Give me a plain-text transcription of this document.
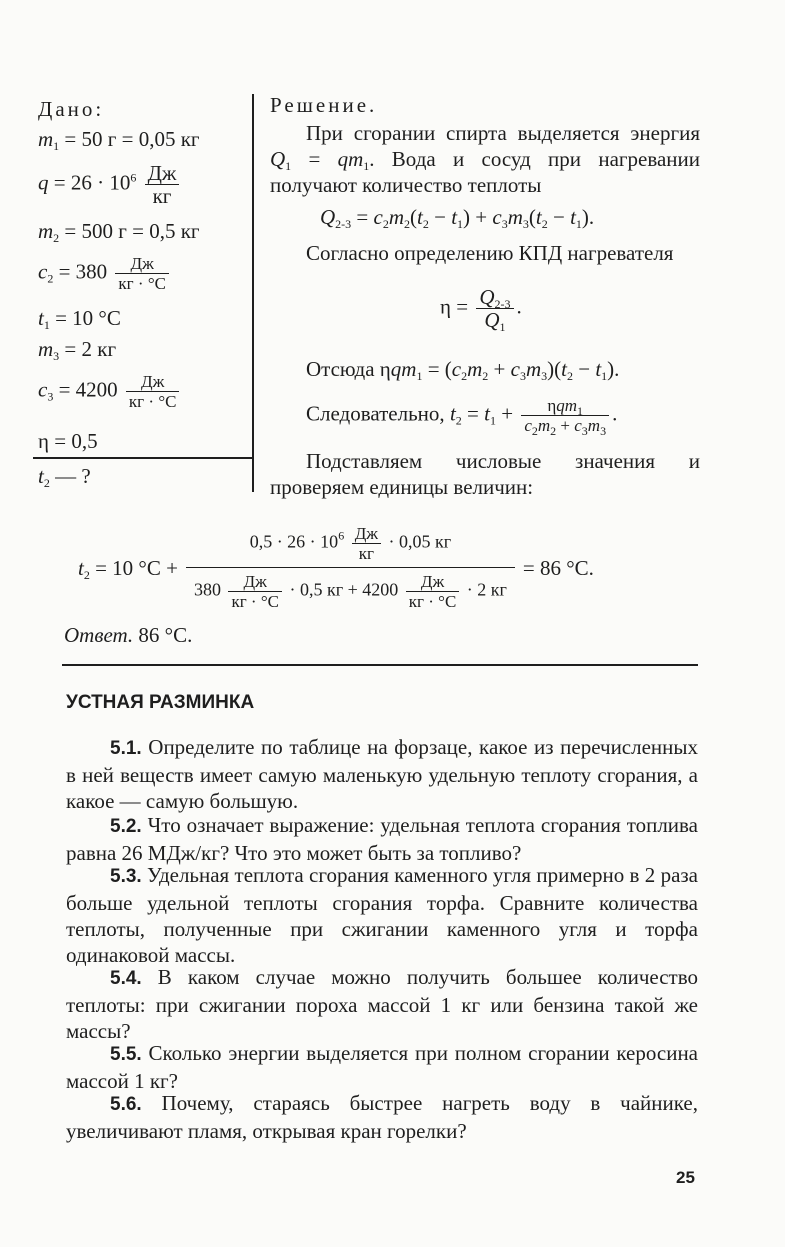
Дано:
$m_1 = 50$ г = 0,05 кг
$q = 26 \cdot 10^6 \frac{Дж}{кг}$
$m_2 = 500$ г = 0,5 кг
$c_2 = 380 \frac{Дж}{кг \cdot ^\circ C}$
$t_1 = 10$ °C
$m_3 = 2$ кг
$c_3 = 4200 \frac{Дж}{кг \cdot ^\circ C}$
η = 0,5
$t_2$ — ?
Решение.
При сгорании спирта выделяется энергия $Q_1 = qm_1$. Вода и сосуд при нагревании получают количество теплоты
$Q_{2-3} = c_2m_2(t_2 - t_1) + c_3m_3(t_2 - t_1)$.
Согласно определению КПД нагревателя
$\eta = \frac{Q_{2-3}}{Q_1}$ .
Отсюда $\eta qm_1 = (c_2m_2 + c_3m_3)(t_2 - t_1)$.
Следовательно, $t_2 = t_1 + \frac{\eta qm_1}{c_2m_2 + c_3m_3}$ .
Подставляем числовые значения и проверяем единицы величин:
$t_2 = 10$ °C +
$0,5 \cdot 26 \cdot 10^6 \frac{Дж}{кг} \cdot 0,05$ кг
$380 \frac{Дж}{кг \cdot ^\circ C} \cdot 0,5$ кг + $4200 \frac{Дж}{кг \cdot ^\circ C} \cdot 2$ кг
= 86 °C.
Ответ. 86 °C.
УСТНАЯ РАЗМИНКА
5.1. Определите по таблице на форзаце, какое из перечисленных в ней веществ имеет самую маленькую удельную теплоту сгорания, а какое — самую большую.
5.2. Что означает выражение: удельная теплота сгорания топлива равна 26 МДж/кг? Что это может быть за топливо?
5.3. Удельная теплота сгорания каменного угля примерно в 2 раза больше удельной теплоты сгорания торфа. Сравните количества теплоты, полученные при сжигании каменного угля и торфа одинаковой массы.
5.4. В каком случае можно получить большее количество теплоты: при сжигании пороха массой 1 кг или бензина такой же массы?
5.5. Сколько энергии выделяется при полном сгорании керосина массой 1 кг?
5.6. Почему, стараясь быстрее нагреть воду в чайнике, увеличивают пламя, открывая кран горелки?
25
